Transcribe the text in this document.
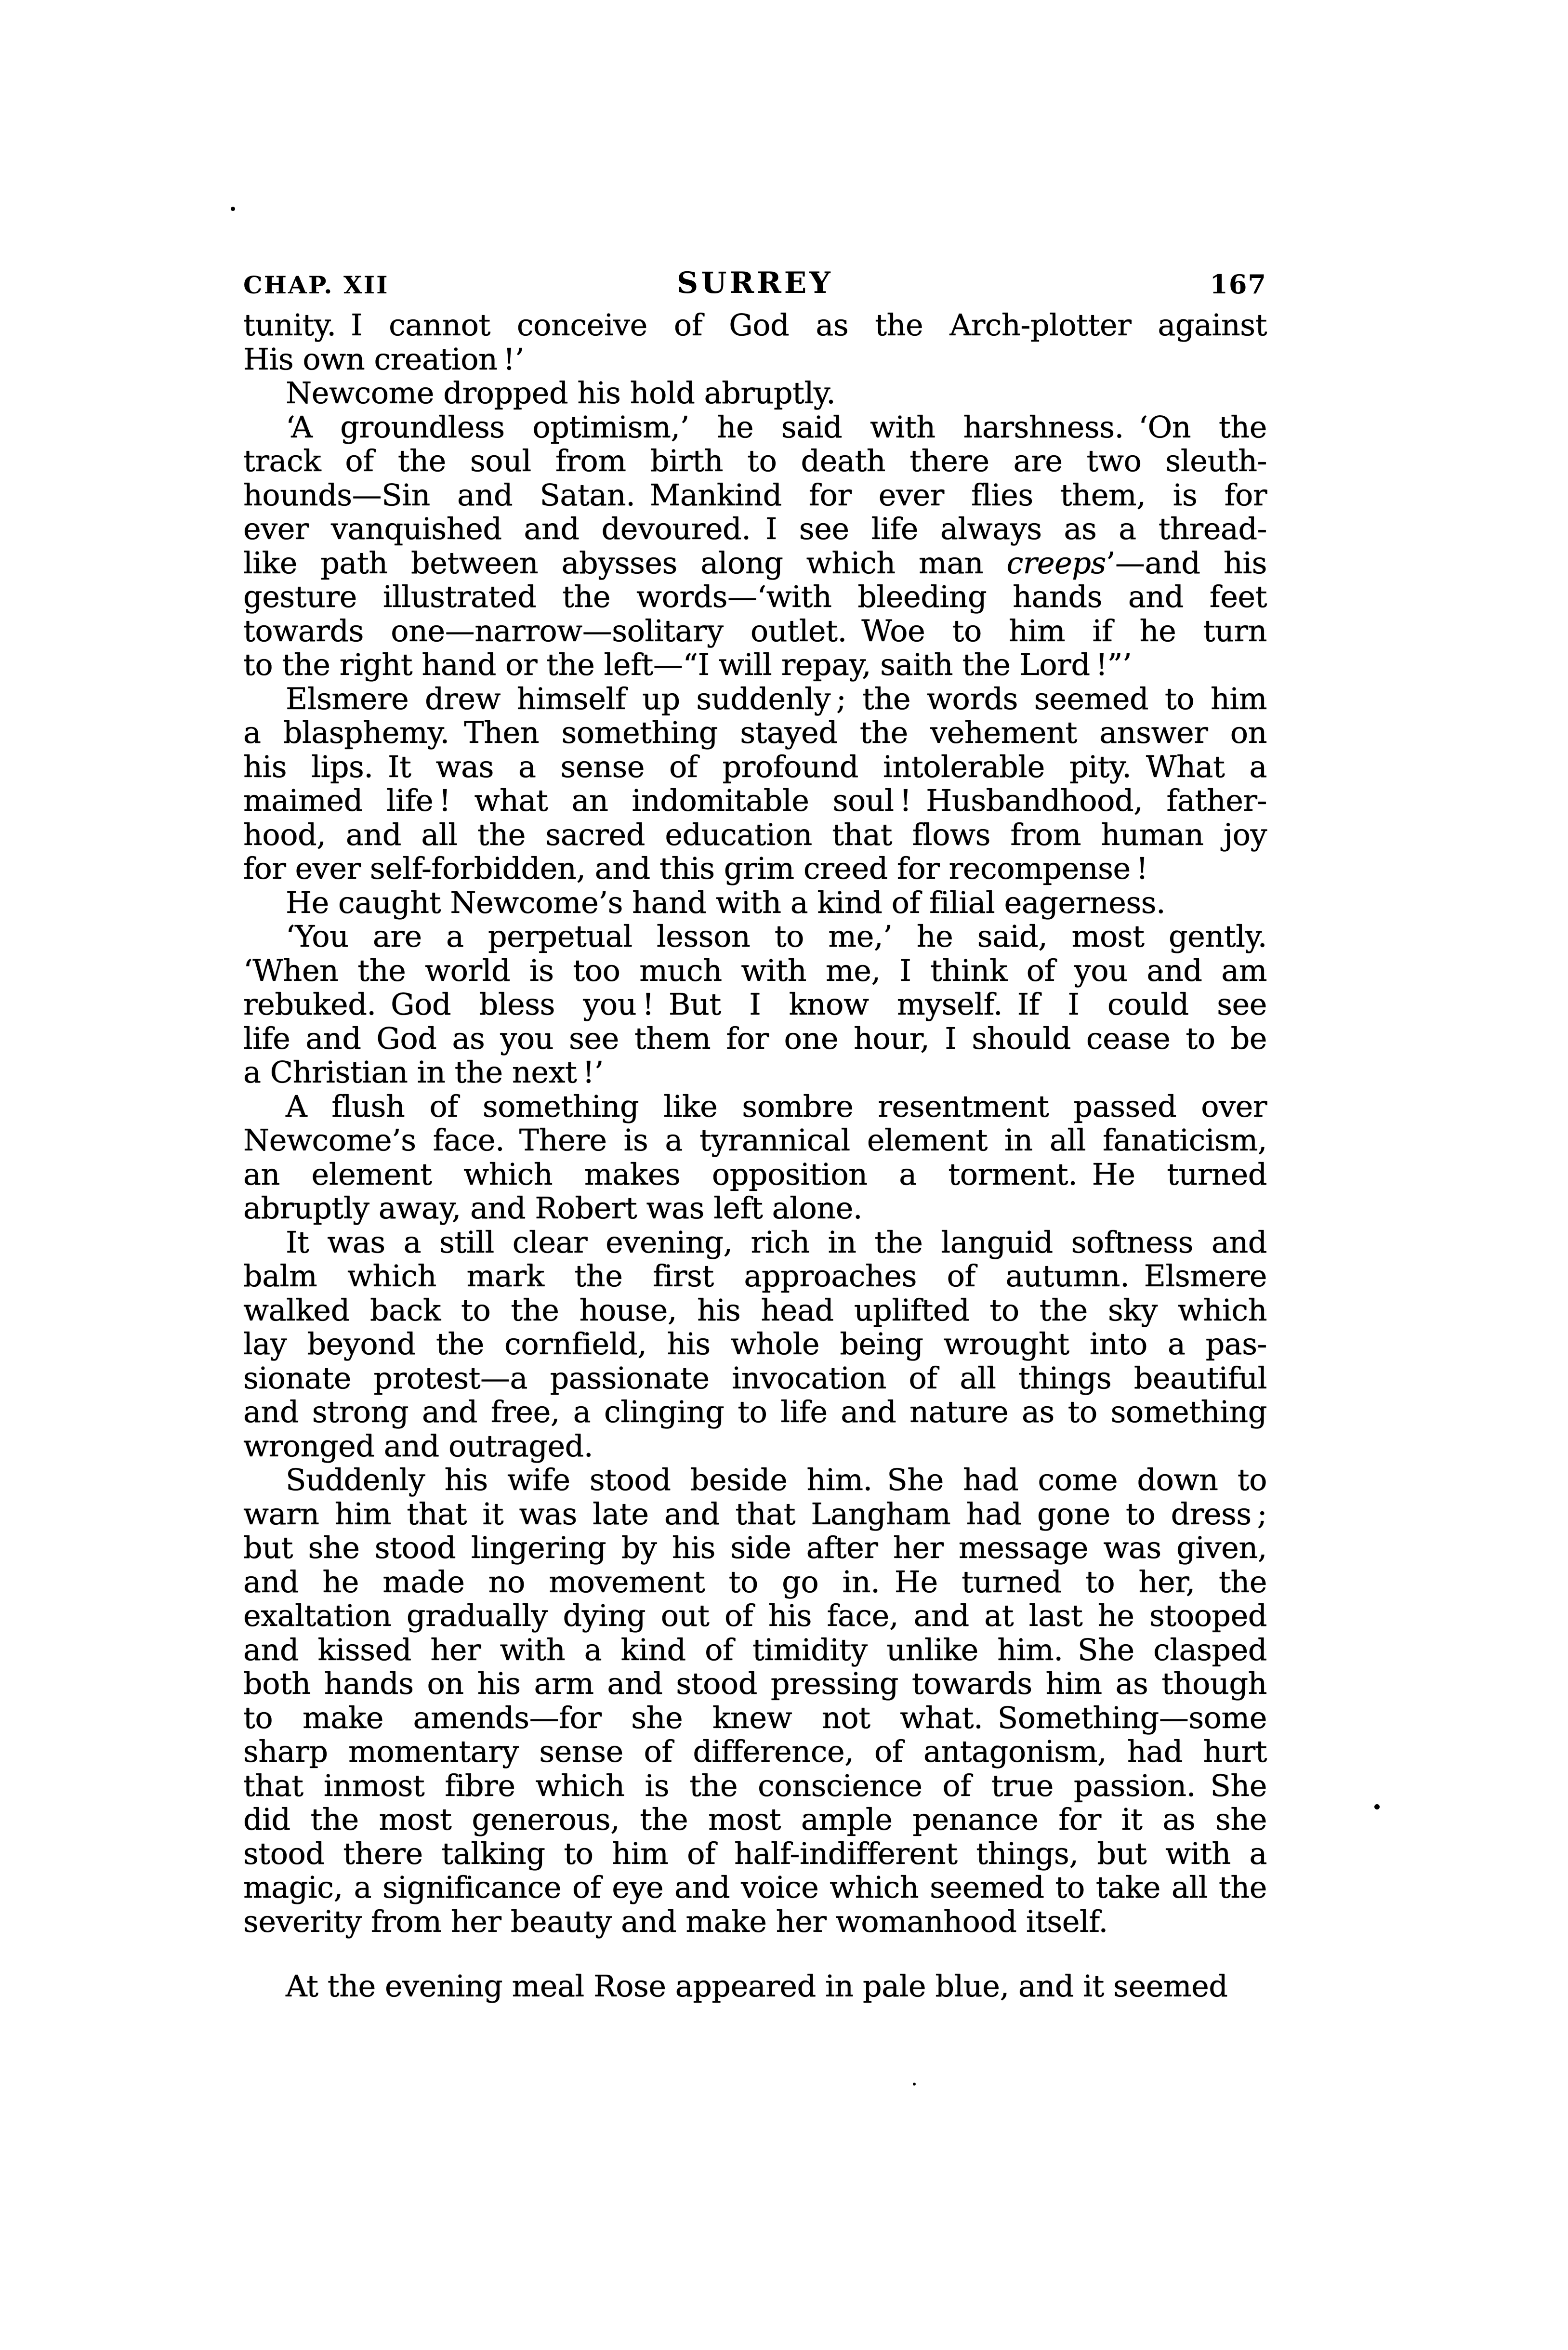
CHAP. XII	SURREY	167
tunity. I cannot conceive of God as the Arch-plotter against
His own creation !’
Newcome dropped his hold abruptly.
‘A groundless optimism,’ he said with harshness. ‘On the
track of the soul from birth to death there are two sleuth-
hounds—Sin and Satan. Mankind for ever flies them, is for
ever vanquished and devoured. I see life always as a thread-
like path between abysses along which man creeps’—and his
gesture illustrated the words—‘with bleeding hands and feet
towards one—narrow—solitary outlet. Woe to him if he turn
to the right hand or the left—“I will repay, saith the Lord !”’
Elsmere drew himself up suddenly ; the words seemed to him
a blasphemy. Then something stayed the vehement answer on
his lips. It was a sense of profound intolerable pity. What a
maimed life ! what an indomitable soul ! Husbandhood, father-
hood, and all the sacred education that flows from human joy
for ever self-forbidden, and this grim creed for recompense !
He caught Newcome’s hand with a kind of filial eagerness.
‘You are a perpetual lesson to me,’ he said, most gently.
‘When the world is too much with me, I think of you and am
rebuked. God bless you ! But I know myself. If I could see
life and God as you see them for one hour, I should cease to be
a Christian in the next !’
A flush of something like sombre resentment passed over
Newcome’s face. There is a tyrannical element in all fanaticism,
an element which makes opposition a torment. He turned
abruptly away, and Robert was left alone.
It was a still clear evening, rich in the languid softness and
balm which mark the first approaches of autumn. Elsmere
walked back to the house, his head uplifted to the sky which
lay beyond the cornfield, his whole being wrought into a pas-
sionate protest—a passionate invocation of all things beautiful
and strong and free, a clinging to life and nature as to something
wronged and outraged.
Suddenly his wife stood beside him. She had come down to
warn him that it was late and that Langham had gone to dress ;
but she stood lingering by his side after her message was given,
and he made no movement to go in. He turned to her, the
exaltation gradually dying out of his face, and at last he stooped
and kissed her with a kind of timidity unlike him. She clasped
both hands on his arm and stood pressing towards him as though
to make amends—for she knew not what. Something—some
sharp momentary sense of difference, of antagonism, had hurt
that inmost fibre which is the conscience of true passion. She
did the most generous, the most ample penance for it as she
stood there talking to him of half-indifferent things, but with a
magic, a significance of eye and voice which seemed to take all the
severity from her beauty and make her womanhood itself.
At the evening meal Rose appeared in pale blue, and it seemed
